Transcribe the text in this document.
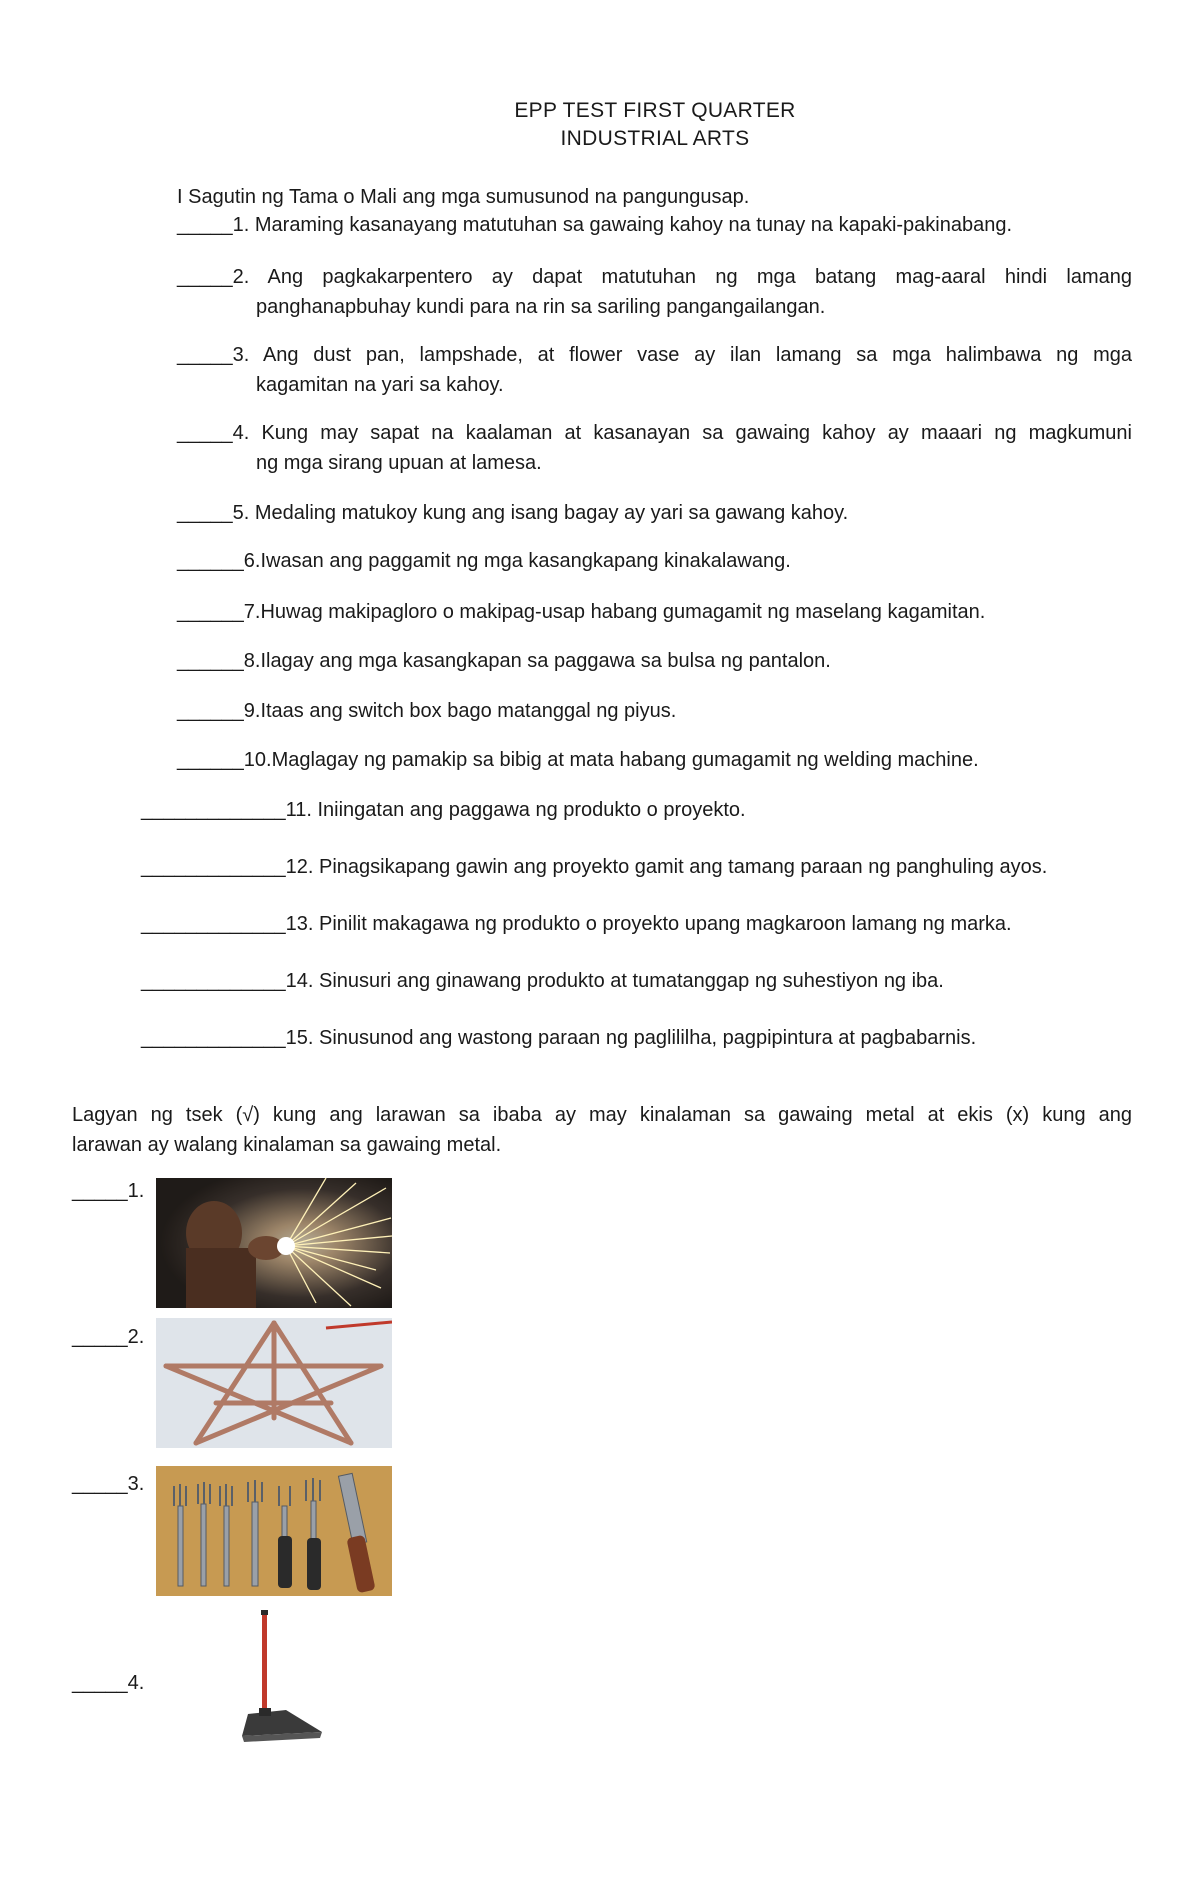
EPP TEST FIRST QUARTER
INDUSTRIAL ARTS
I Sagutin ng Tama o Mali ang mga sumusunod na pangungusap.
_____1. Maraming kasanayang matutuhan sa gawaing kahoy na tunay na kapaki-pakinabang.
_____2. Ang pagkakarpentero ay dapat matutuhan ng mga batang mag-aaral hindi lamang
panghanapbuhay kundi para na rin sa sariling pangangailangan.
_____3. Ang dust pan, lampshade, at flower vase ay ilan lamang sa mga halimbawa ng mga
kagamitan na yari sa kahoy.
_____4. Kung may sapat na kaalaman at kasanayan sa gawaing kahoy ay maaari ng magkumuni
ng mga sirang upuan at lamesa.
_____5. Medaling matukoy kung ang isang bagay ay yari sa gawang kahoy.
______6.Iwasan ang paggamit ng mga kasangkapang kinakalawang.
______7.Huwag makipagloro o makipag-usap habang gumagamit ng maselang kagamitan.
______8.Ilagay ang mga kasangkapan sa paggawa sa bulsa ng pantalon.
______9.Itaas ang switch box bago matanggal ng piyus.
______10.Maglagay ng pamakip sa bibig at mata habang gumagamit ng welding machine.
_____________11. Iniingatan ang paggawa ng produkto o proyekto.
_____________12. Pinagsikapang gawin ang proyekto gamit ang tamang paraan ng panghuling ayos.
_____________13. Pinilit makagawa ng produkto o proyekto upang magkaroon lamang ng marka.
_____________14. Sinusuri ang ginawang produkto at tumatanggap ng suhestiyon ng iba.
_____________15. Sinusunod ang wastong paraan ng paglililha, pagpipintura at pagbabarnis.
Lagyan ng tsek (√) kung ang larawan sa ibaba ay may kinalaman sa gawaing metal at ekis (x) kung ang
larawan ay walang kinalaman sa gawaing metal.
_____1.
_____2.
_____3.
_____4.
